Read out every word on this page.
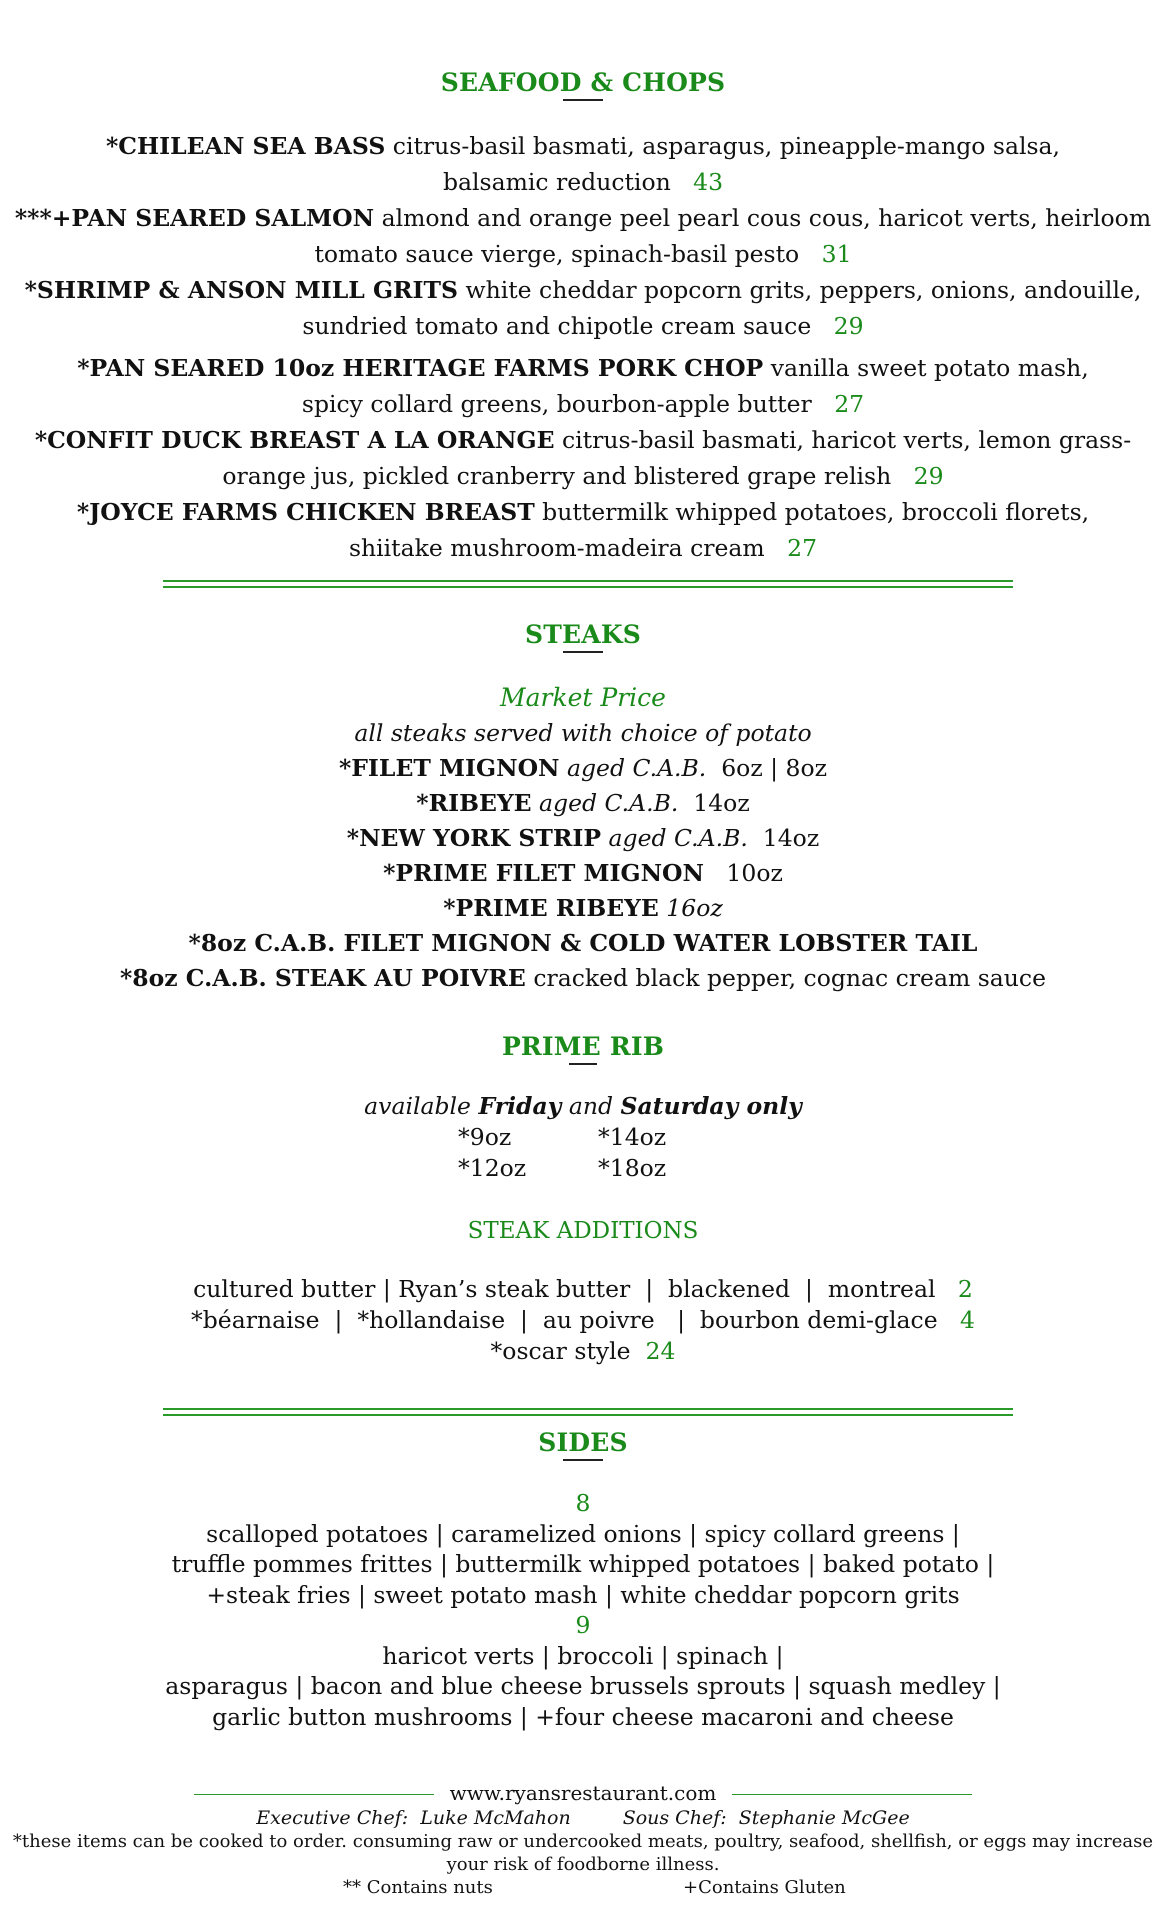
SEAFOOD & CHOPS
*CHILEAN SEA BASS citrus-basil basmati, asparagus, pineapple-mango salsa,
balsamic reduction 43
***+PAN SEARED SALMON almond and orange peel pearl cous cous, haricot verts, heirloom
tomato sauce vierge, spinach-basil pesto 31
*SHRIMP & ANSON MILL GRITS white cheddar popcorn grits, peppers, onions, andouille,
sundried tomato and chipotle cream sauce 29
*PAN SEARED 10oz HERITAGE FARMS PORK CHOP vanilla sweet potato mash,
spicy collard greens, bourbon-apple butter 27
*CONFIT DUCK BREAST A LA ORANGE citrus-basil basmati, haricot verts, lemon grass-
orange jus, pickled cranberry and blistered grape relish 29
*JOYCE FARMS CHICKEN BREAST buttermilk whipped potatoes, broccoli florets,
shiitake mushroom-madeira cream 27
STEAKS
Market Price
all steaks served with choice of potato
*FILET MIGNON aged C.A.B.  6oz | 8oz
*RIBEYE aged C.A.B.  14oz
*NEW YORK STRIP aged C.A.B.  14oz
*PRIME FILET MIGNON   10oz
*PRIME RIBEYE 16oz
*8oz C.A.B. FILET MIGNON & COLD WATER LOBSTER TAIL
*8oz C.A.B. STEAK AU POIVRE cracked black pepper, cognac cream sauce
PRIME RIB
available Friday and Saturday only
*9oz	*14oz
*12oz	*18oz
STEAK ADDITIONS
cultured butter | Ryan’s steak butter  |  blackened  |  montreal 2
*béarnaise  |  *hollandaise  |  au poivre   |  bourbon demi-glace 4
*oscar style 24
SIDES
8
scalloped potatoes | caramelized onions | spicy collard greens |
truffle pommes frittes | buttermilk whipped potatoes | baked potato |
+steak fries | sweet potato mash | white cheddar popcorn grits
9
haricot verts | broccoli | spinach |
asparagus | bacon and blue cheese brussels sprouts | squash medley |
garlic button mushrooms | +four cheese macaroni and cheese
www.ryansrestaurant.com
Executive Chef:  Luke McMahon	Sous Chef:  Stephanie McGee
*these items can be cooked to order. consuming raw or undercooked meats, poultry, seafood, shellfish, or eggs may increase
your risk of foodborne illness.
** Contains nuts	+Contains Gluten
